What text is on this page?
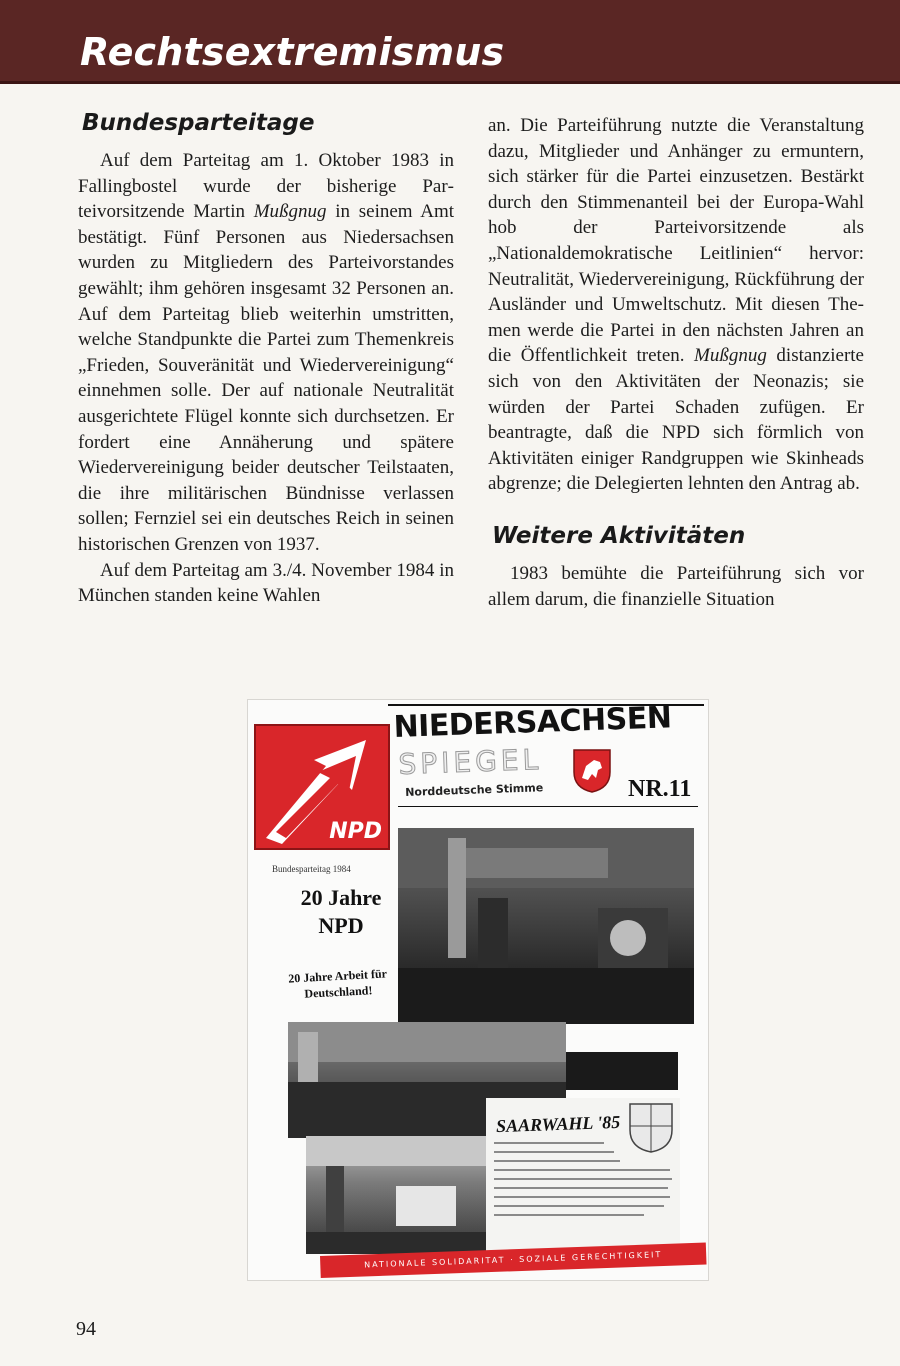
Rechtsextremismus
Bundesparteitage

Auf dem Parteitag am 1. Oktober 1983 in Fallingbostel wurde der bisherige Parteivorsitzende Martin Mußgnug in seinem Amt bestätigt. Fünf Personen aus Niedersachsen wurden zu Mitgliedern des Parteivorstandes gewählt; ihm gehören insgesamt 32 Personen an. Auf dem Parteitag blieb weiterhin umstritten, welche Standpunkte die Partei zum Themenkreis „Frieden, Souveränität und Wiedervereinigung“ einnehmen solle. Der auf nationale Neutralität ausgerichtete Flügel konnte sich durchsetzen. Er fordert eine Annäherung und spätere Wiedervereinigung beider deutscher Teilstaaten, die ihre militärischen Bündnisse verlassen sollen; Fernziel sei ein deutsches Reich in seinen historischen Grenzen von 1937.

Auf dem Parteitag am 3./4. November 1984 in München standen keine Wahlen

an. Die Parteiführung nutzte die Veranstaltung dazu, Mitglieder und Anhänger zu ermuntern, sich stärker für die Partei einzusetzen. Bestärkt durch den Stimmenanteil bei der Europa-Wahl hob der Parteivorsitzende als „Nationaldemokratische Leitlinien“ hervor: Neutralität, Wiedervereinigung, Rückführung der Ausländer und Umweltschutz. Mit diesen Themen werde die Partei in den nächsten Jahren an die Öffentlichkeit treten. Mußgnug distanzierte sich von den Aktivitäten der Neonazis; sie würden der Partei Schaden zufügen. Er beantragte, daß die NPD sich förmlich von Aktivitäten einiger Randgruppen wie Skinheads abgrenze; die Delegierten lehnten den Antrag ab.

Weitere Aktivitäten

1983 bemühte die Parteiführung sich vor allem darum, die finanzielle Situation

NPD
NIEDERSACHSEN
SPIEGEL
Norddeutsche Stimme	NR.11
Bundesparteitag 1984
20 Jahre
NPD
20 Jahre Arbeit für
Deutschland!
SAARWAHL '85
NATIONALE SOLIDARITAT · SOZIALE GERECHTIGKEIT
94
